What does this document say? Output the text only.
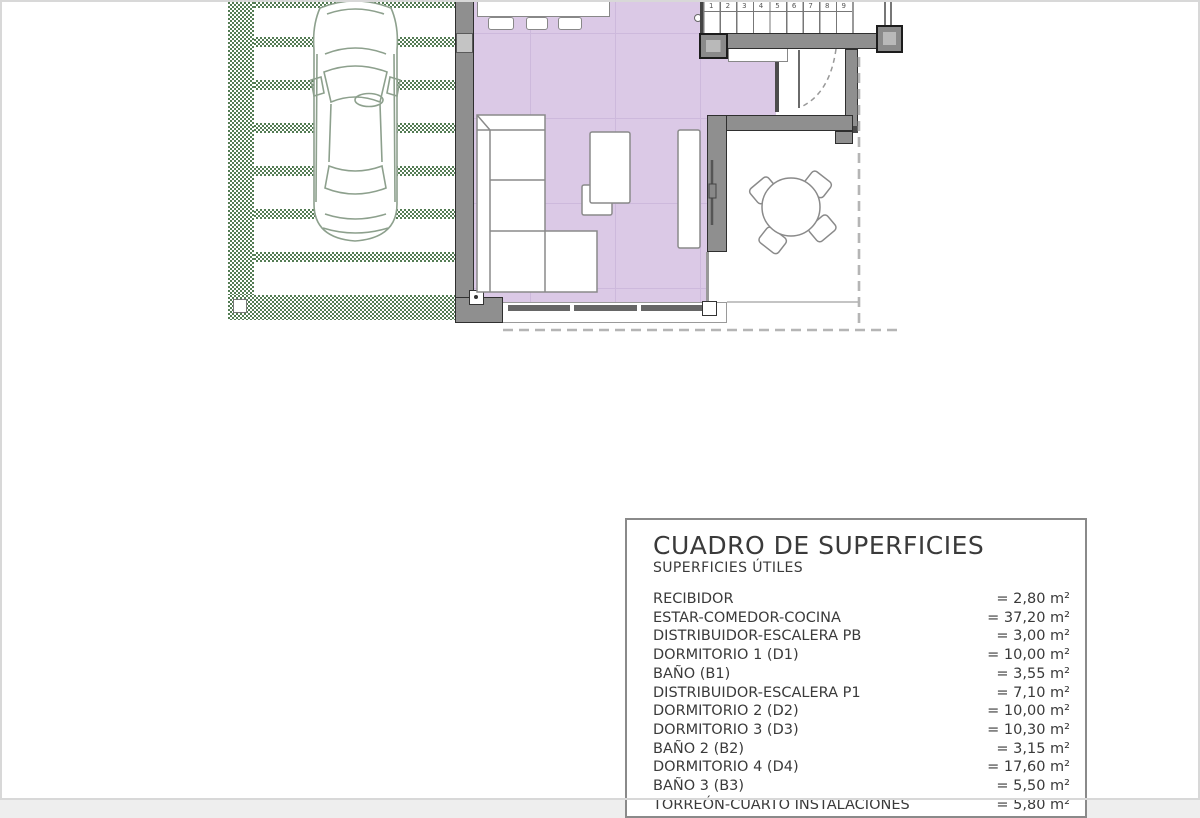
1	2	3	4	5	6	7	8	9
CUADRO DE SUPERFICIES
SUPERFICIES ÚTILES
RECIBIDOR	= 2,80 m²
ESTAR-COMEDOR-COCINA	= 37,20 m²
DISTRIBUIDOR-ESCALERA PB	= 3,00 m²
DORMITORIO 1 (D1)	= 10,00 m²
BAÑO (B1)	= 3,55 m²
DISTRIBUIDOR-ESCALERA P1	= 7,10 m²
DORMITORIO 2 (D2)	= 10,00 m²
DORMITORIO 3 (D3)	= 10,30 m²
BAÑO 2 (B2)	= 3,15 m²
DORMITORIO 4 (D4)	= 17,60 m²
BAÑO 3 (B3)	= 5,50 m²
TORREÓN-CUARTO INSTALACIONES	= 5,80 m²
